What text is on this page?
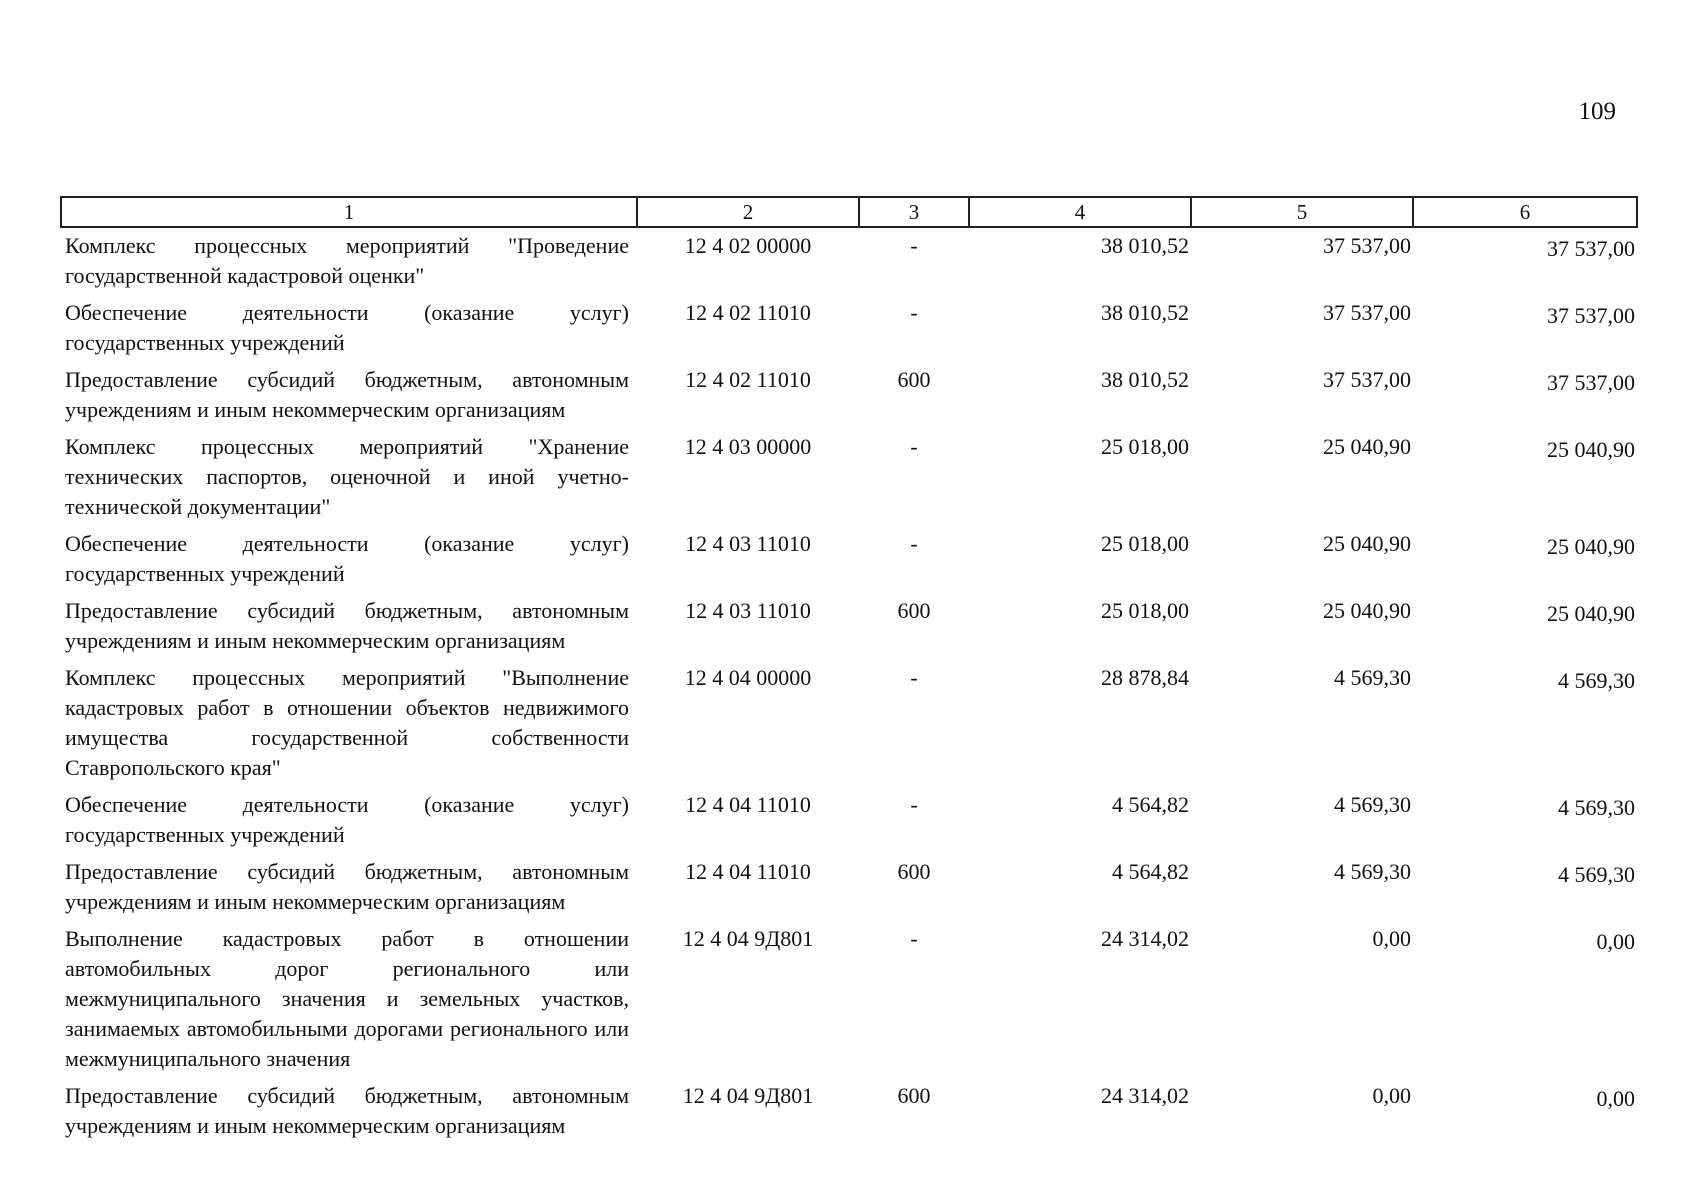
109
1	2	3	4	5	6
Комплекс процессных мероприятий "Проведение государственной кадастровой оценки"	12 4 02 00000	-	38 010,52	37 537,00	37 537,00
Обеспечение деятельности (оказание услуг) государственных учреждений	12 4 02 11010	-	38 010,52	37 537,00	37 537,00
Предоставление субсидий бюджетным, автономным учреждениям и иным некоммерческим организациям	12 4 02 11010	600	38 010,52	37 537,00	37 537,00
Комплекс процессных мероприятий "Хранение технических паспортов, оценочной и иной учетно-технической документации"	12 4 03 00000	-	25 018,00	25 040,90	25 040,90
Обеспечение деятельности (оказание услуг) государственных учреждений	12 4 03 11010	-	25 018,00	25 040,90	25 040,90
Предоставление субсидий бюджетным, автономным учреждениям и иным некоммерческим организациям	12 4 03 11010	600	25 018,00	25 040,90	25 040,90
Комплекс процессных мероприятий "Выполнение кадастровых работ в отношении объектов недвижимого имущества государственной собственности Ставропольского края"	12 4 04 00000	-	28 878,84	4 569,30	4 569,30
Обеспечение деятельности (оказание услуг) государственных учреждений	12 4 04 11010	-	4 564,82	4 569,30	4 569,30
Предоставление субсидий бюджетным, автономным учреждениям и иным некоммерческим организациям	12 4 04 11010	600	4 564,82	4 569,30	4 569,30
Выполнение кадастровых работ в отношении автомобильных дорог регионального или межмуниципального значения и земельных участков, занимаемых автомобильными дорогами регионального или межмуниципального значения	12 4 04 9Д801	-	24 314,02	0,00	0,00
Предоставление субсидий бюджетным, автономным учреждениям и иным некоммерческим организациям	12 4 04 9Д801	600	24 314,02	0,00	0,00
